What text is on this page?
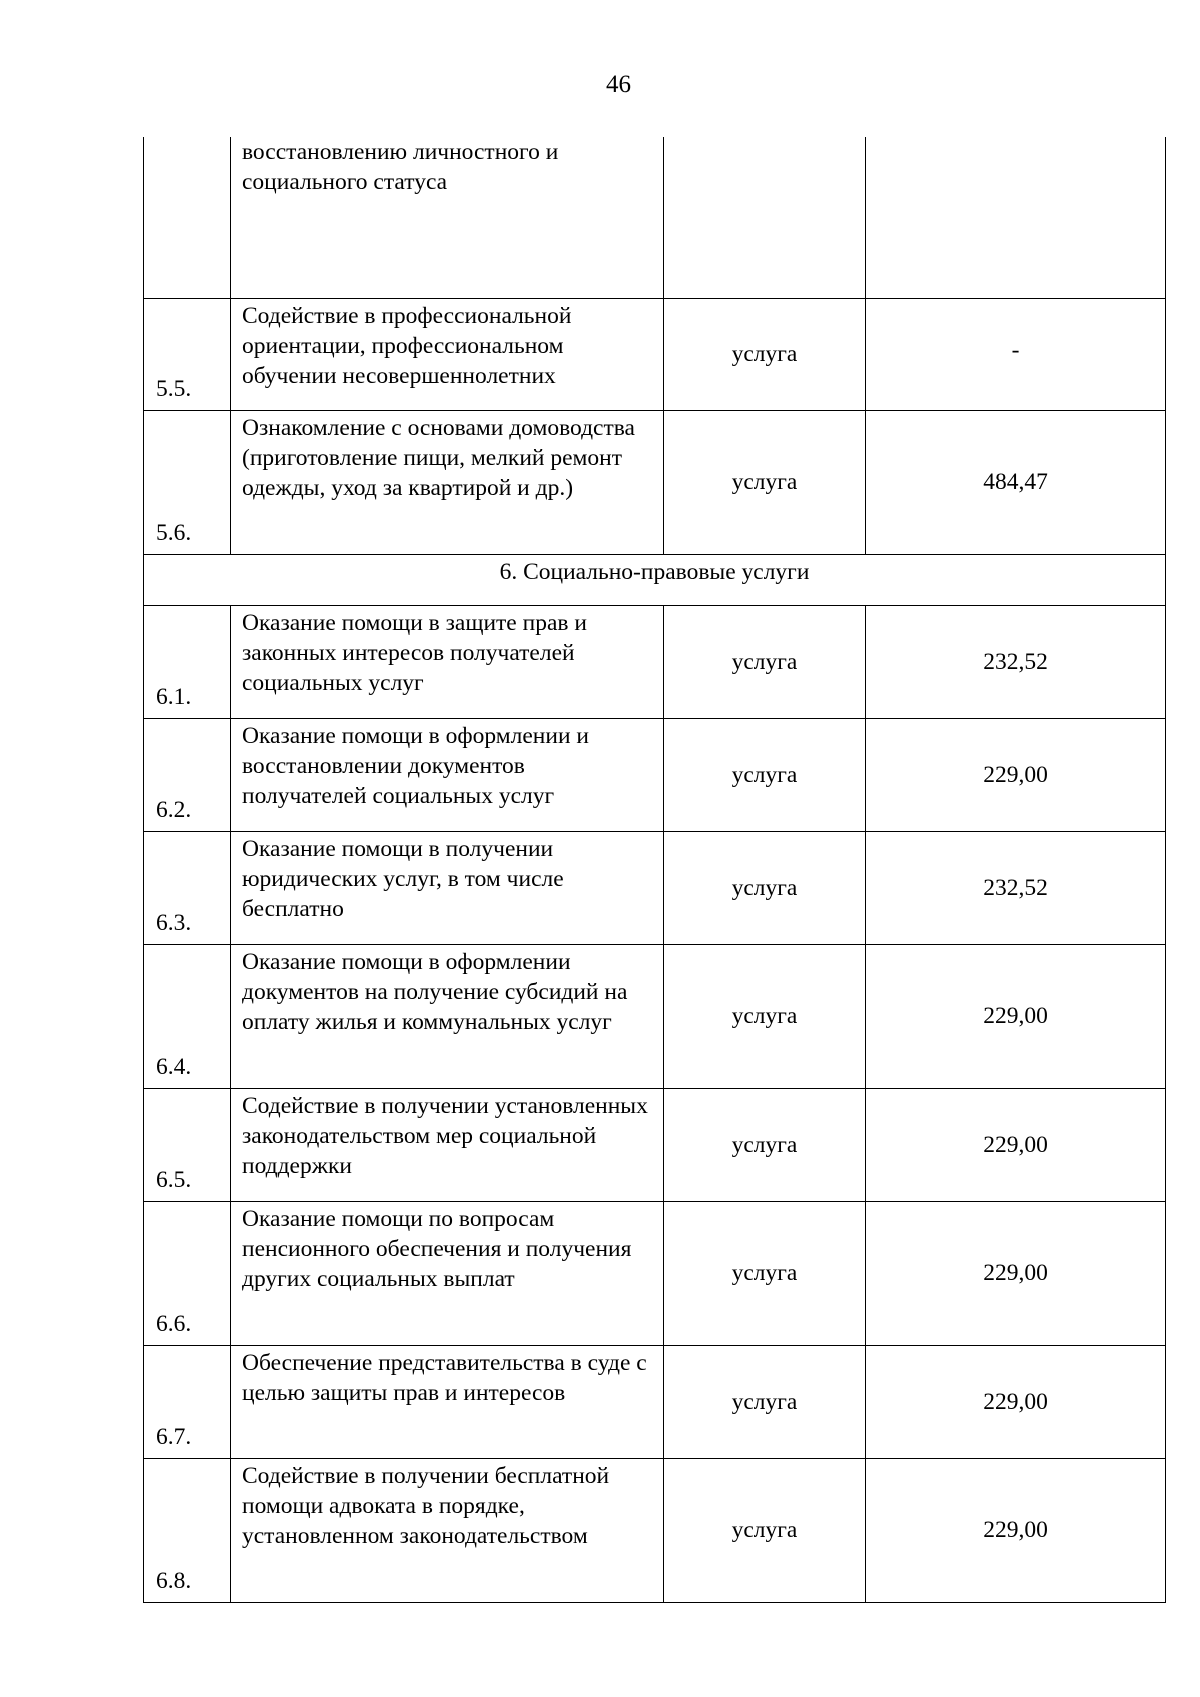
46
	восстановлению личностного и социального статуса		
5.5.	Содействие в профессиональной ориентации, профессиональном обучении несовершеннолетних	услуга	-
5.6.	Ознакомление с основами домоводства (приготовление пищи, мелкий ремонт одежды, уход за квартирой и др.)	услуга	484,47
6. Социально-правовые услуги			
6.1.	Оказание помощи в защите прав и законных интересов получателей социальных услуг	услуга	232,52
6.2.	Оказание помощи в оформлении и восстановлении документов получателей социальных услуг	услуга	229,00
6.3.	Оказание помощи в получении юридических услуг, в том числе бесплатно	услуга	232,52
6.4.	Оказание помощи в оформлении документов на получение субсидий на оплату жилья и коммунальных услуг	услуга	229,00
6.5.	Содействие в получении установленных законодательством мер социальной поддержки	услуга	229,00
6.6.	Оказание помощи по вопросам пенсионного обеспечения и получения других социальных выплат	услуга	229,00
6.7.	Обеспечение представительства в суде с целью защиты прав и интересов	услуга	229,00
6.8.	Содействие в получении бесплатной помощи адвоката в порядке, установленном законодательством	услуга	229,00
